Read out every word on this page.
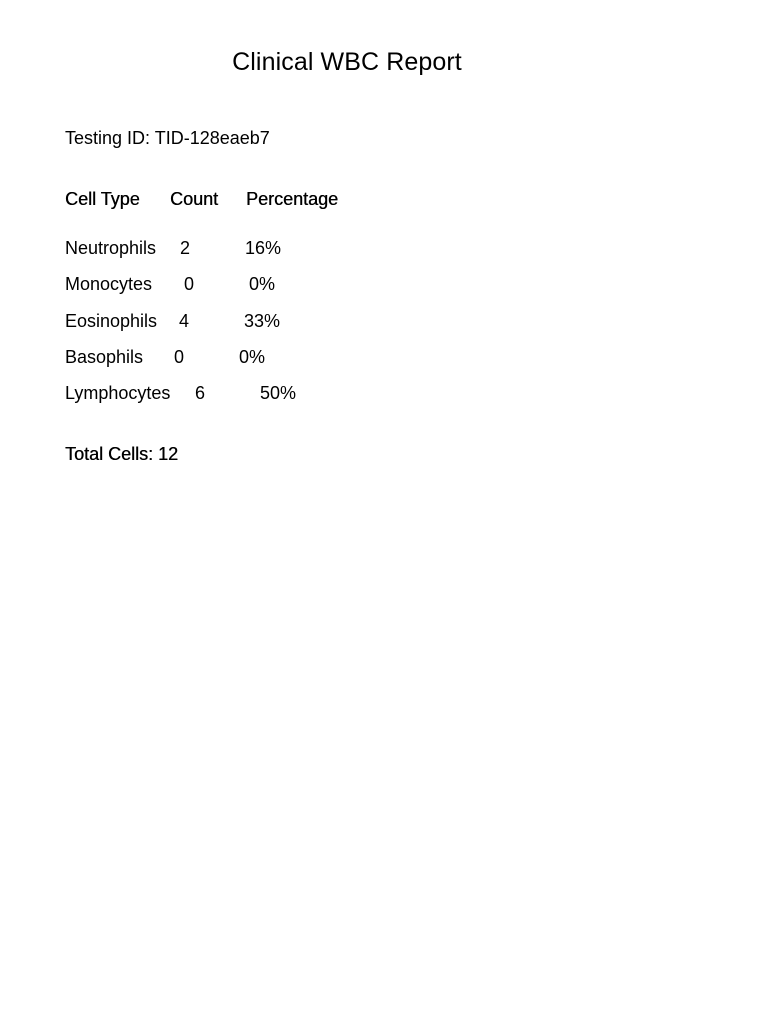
Clinical WBC Report
Testing ID: TID-128eaeb7
Cell Type Count Percentage
Neutrophils 2	16%
Monocytes 0	0%
Eosinophils 4	33%
Basophils 0	0%
Lymphocytes 6	50%
Total Cells: 12
